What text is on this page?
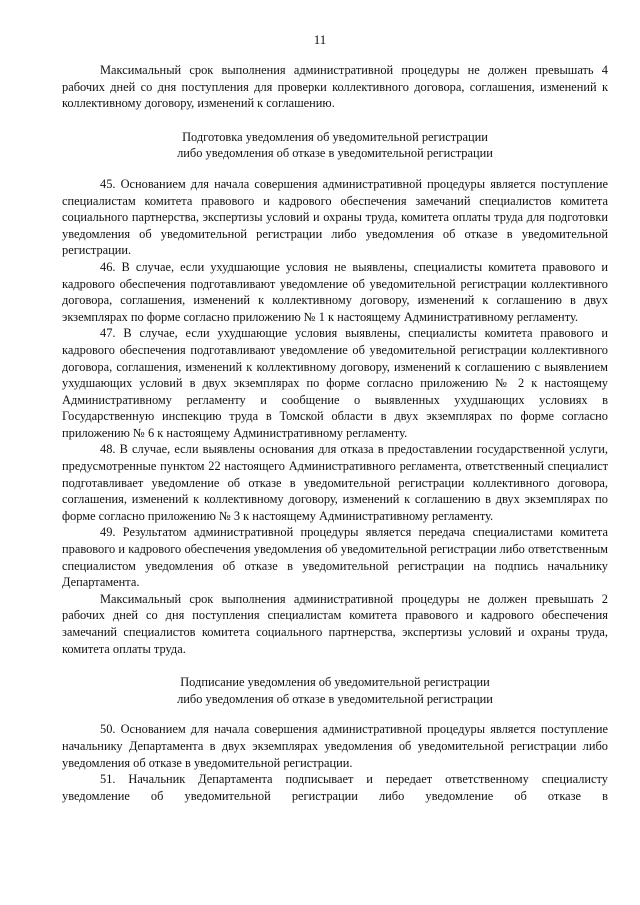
11

Максимальный срок выполнения административной процедуры не должен превышать 4 рабочих дней со дня поступления для проверки коллективного договора, соглашения, изменений к коллективному договору, изменений к соглашению.

Подготовка уведомления об уведомительной регистрации

либо уведомления об отказе в уведомительной регистрации

45. Основанием для начала совершения административной процедуры является поступление специалистам комитета правового и кадрового обеспечения замечаний специалистов комитета социального партнерства, экспертизы условий и охраны труда, комитета оплаты труда для подготовки уведомления об уведомительной регистрации либо уведомления об отказе в уведомительной регистрации.

46. В случае, если ухудшающие условия не выявлены, специалисты комитета правового и кадрового обеспечения подготавливают уведомление об уведомительной регистрации коллективного договора, соглашения, изменений к коллективному договору, изменений к соглашению в двух экземплярах по форме согласно приложению № 1 к настоящему Административному регламенту.

47. В случае, если ухудшающие условия выявлены, специалисты комитета правового и кадрового обеспечения подготавливают уведомление об уведомительной регистрации коллективного договора, соглашения, изменений к коллективному договору, изменений к соглашению с выявлением ухудшающих условий в двух экземплярах по форме согласно приложению № 2 к настоящему Административному регламенту и сообщение о выявленных ухудшающих условиях в Государственную инспекцию труда в Томской области в двух экземплярах по форме согласно приложению № 6 к настоящему Административному регламенту.

48. В случае, если выявлены основания для отказа в предоставлении государственной услуги, предусмотренные пунктом 22 настоящего Административного регламента, ответственный специалист подготавливает уведомление об отказе в уведомительной регистрации коллективного договора, соглашения, изменений к коллективному договору, изменений к соглашению в двух экземплярах по форме согласно приложению № 3 к настоящему Административному регламенту.

49. Результатом административной процедуры является передача специалистами комитета правового и кадрового обеспечения уведомления об уведомительной регистрации либо ответственным специалистом уведомления об отказе в уведомительной регистрации на подпись начальнику Департамента.

Максимальный срок выполнения административной процедуры не должен превышать 2 рабочих дней со дня поступления специалистам комитета правового и кадрового обеспечения замечаний специалистов комитета социального партнерства, экспертизы условий и охраны труда, комитета оплаты труда.

Подписание уведомления об уведомительной регистрации

либо уведомления об отказе в уведомительной регистрации

50. Основанием для начала совершения административной процедуры является поступление начальнику Департамента в двух экземплярах уведомления об уведомительной регистрации либо уведомления об отказе в уведомительной регистрации.

51. Начальник Департамента подписывает и передает ответственному специалисту уведомление об уведомительной регистрации либо уведомление об отказе в
